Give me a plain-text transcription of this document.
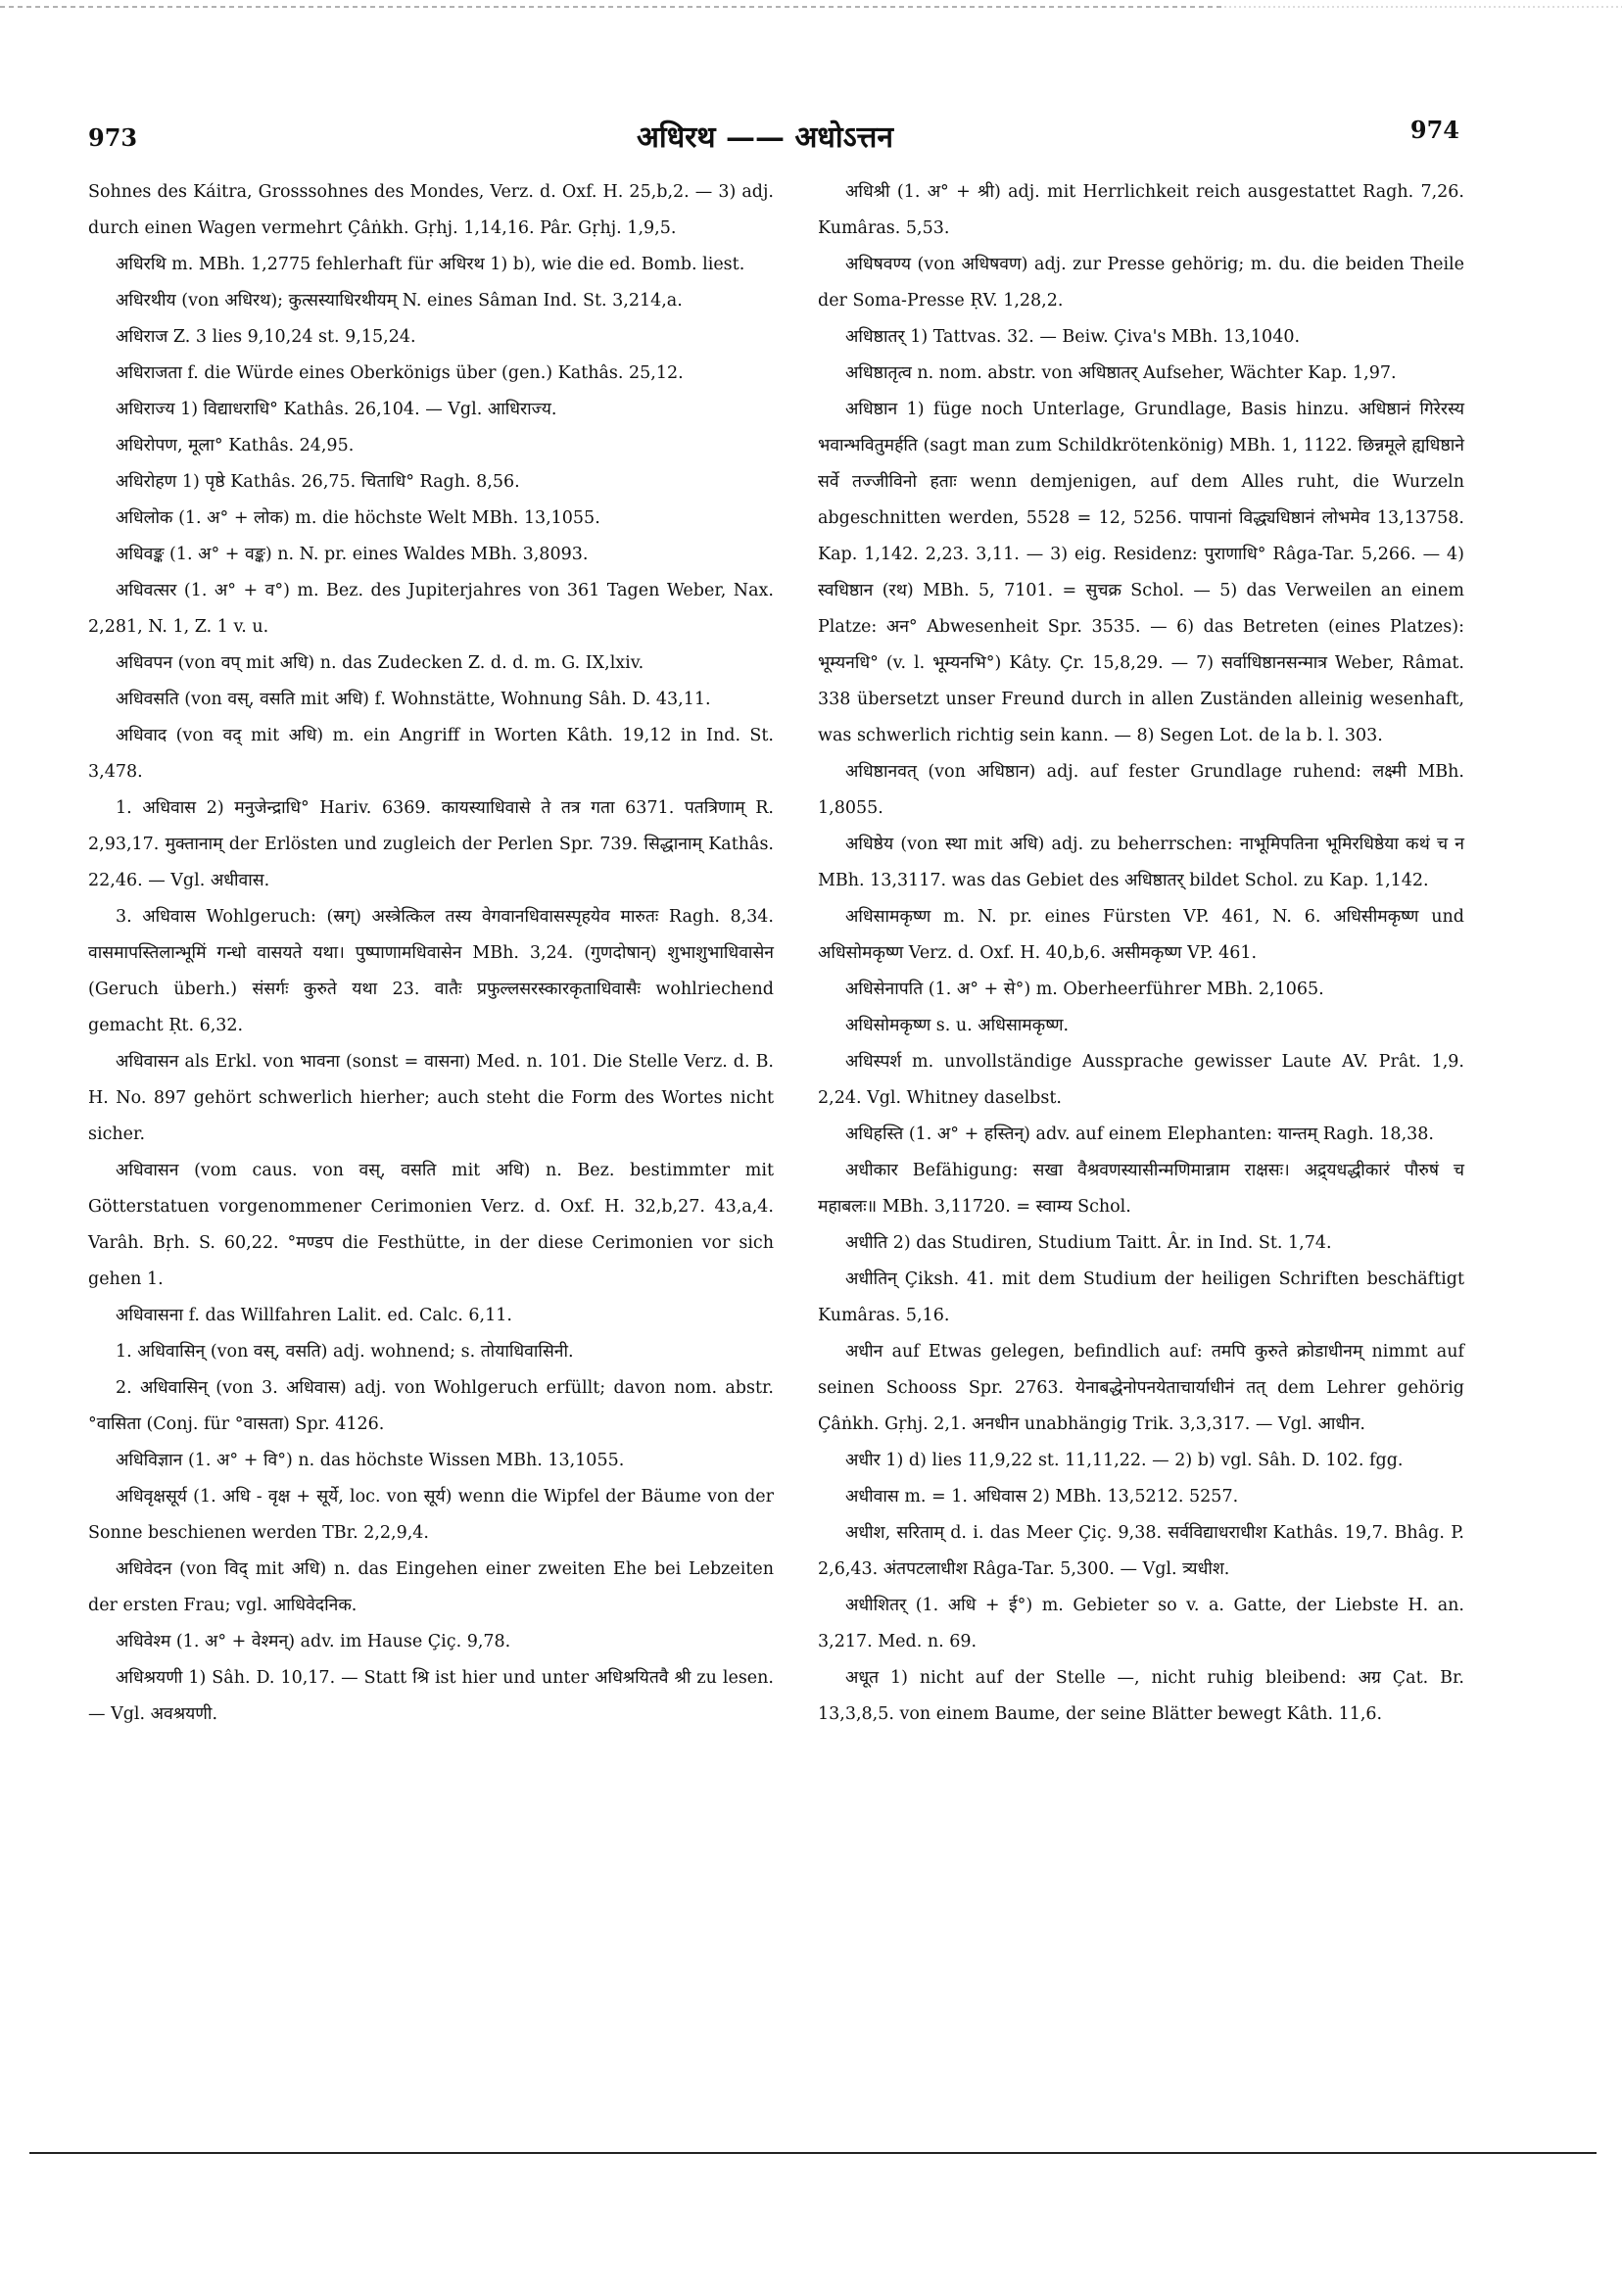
973	अधिरथ —— अधोऽत्तन	974

Sohnes des Káitra, Grosssohnes des Mondes, Verz. d. Oxf. H. 25,b,2. — 3) adj. durch einen Wagen vermehrt Çâṅkh. Gṛhj. 1,14,16. Pâr. Gṛhj. 1,9,5.

अधिरथि m. MBh. 1,2775 fehlerhaft für अधिरथ 1) b), wie die ed. Bomb. liest.

अधिरथीय (von अधिरथ); कुत्सस्याधिरथीयम् N. eines Sâman Ind. St. 3,214,a.

अधिराज Z. 3 lies 9,10,24 st. 9,15,24.

अधिराजता f. die Würde eines Oberkönigs über (gen.) Kathâs. 25,12.

अधिराज्य 1) विद्याधराधि° Kathâs. 26,104. — Vgl. आधिराज्य.

अधिरोपण, मूला° Kathâs. 24,95.

अधिरोहण 1) पृष्ठे Kathâs. 26,75. चिताधि° Ragh. 8,56.

अधिलोक (1. अ° + लोक) m. die höchste Welt MBh. 13,1055.

अधिवङ्क (1. अ° + वङ्क) n. N. pr. eines Waldes MBh. 3,8093.

अधिवत्सर (1. अ° + व°) m. Bez. des Jupiterjahres von 361 Tagen Weber, Nax. 2,281, N. 1, Z. 1 v. u.

अधिवपन (von वप् mit अधि) n. das Zudecken Z. d. d. m. G. IX,lxiv.

अधिवसति (von वस्, वसति mit अधि) f. Wohnstätte, Wohnung Sâh. D. 43,11.

अधिवाद (von वद् mit अधि) m. ein Angriff in Worten Kâth. 19,12 in Ind. St. 3,478.

1. अधिवास 2) मनुजेन्द्राधि° Hariv. 6369. कायस्याधिवासे ते तत्र गता 6371. पतत्रिणाम् R. 2,93,17. मुक्तानाम् der Erlösten und zugleich der Perlen Spr. 739. सिद्धानाम् Kathâs. 22,46. — Vgl. अधीवास.

3. अधिवास Wohlgeruch: (स्रग्) अस्त्रेत्किल तस्य वेगवानधिवासस्पृहयेव मारुतः Ragh. 8,34. वासमापस्तिलान्भूमिं गन्धो वासयते यथा। पुष्पाणामधिवासेन MBh. 3,24. (गुणदोषान्) शुभाशुभाधिवासेन (Geruch überh.) संसर्गः कुरुते यथा 23. वातैः प्रफुल्लसरस्कारकृताधिवासैः wohlriechend gemacht Ṛt. 6,32.

अधिवासन als Erkl. von भावना (sonst = वासना) Med. n. 101. Die Stelle Verz. d. B. H. No. 897 gehört schwerlich hierher; auch steht die Form des Wortes nicht sicher.

अधिवासन (vom caus. von वस्, वसति mit अधि) n. Bez. bestimmter mit Götterstatuen vorgenommener Cerimonien Verz. d. Oxf. H. 32,b,27. 43,a,4. Varâh. Bṛh. S. 60,22. °मण्डप die Festhütte, in der diese Cerimonien vor sich gehen 1.

अधिवासना f. das Willfahren Lalit. ed. Calc. 6,11.

1. अधिवासिन् (von वस्, वसति) adj. wohnend; s. तोयाधिवासिनी.

2. अधिवासिन् (von 3. अधिवास) adj. von Wohlgeruch erfüllt; davon nom. abstr. °वासिता (Conj. für °वासता) Spr. 4126.

अधिविज्ञान (1. अ° + वि°) n. das höchste Wissen MBh. 13,1055.

अधिवृक्षसूर्य (1. अधि - वृक्ष + सूर्ये, loc. von सूर्य) wenn die Wipfel der Bäume von der Sonne beschienen werden TBr. 2,2,9,4.

अधिवेदन (von विद् mit अधि) n. das Eingehen einer zweiten Ehe bei Lebzeiten der ersten Frau; vgl. आधिवेदनिक.

अधिवेश्म (1. अ° + वेश्मन्) adv. im Hause Çiç. 9,78.

अधिश्रयणी 1) Sâh. D. 10,17. — Statt श्रि ist hier und unter अधिश्रयितवै श्री zu lesen. — Vgl. अवश्रयणी.

अधिश्री (1. अ° + श्री) adj. mit Herrlichkeit reich ausgestattet Ragh. 7,26. Kumâras. 5,53.

अधिषवण्य (von अधिषवण) adj. zur Presse gehörig; m. du. die beiden Theile der Soma-Presse ṚV. 1,28,2.

अधिष्ठातर् 1) Tattvas. 32. — Beiw. Çiva's MBh. 13,1040.

अधिष्ठातृत्व n. nom. abstr. von अधिष्ठातर् Aufseher, Wächter Kap. 1,97.

अधिष्ठान 1) füge noch Unterlage, Grundlage, Basis hinzu. अधिष्ठानं गिरेरस्य भवान्भवितुमर्हति (sagt man zum Schildkrötenkönig) MBh. 1, 1122. छिन्नमूले ह्यधिष्ठाने सर्वे तज्जीविनो हताः wenn demjenigen, auf dem Alles ruht, die Wurzeln abgeschnitten werden, 5528 = 12, 5256. पापानां विद्ध्यधिष्ठानं लोभमेव 13,13758. Kap. 1,142. 2,23. 3,11. — 3) eig. Residenz: पुराणाधि° Râga-Tar. 5,266. — 4) स्वधिष्ठान (रथ) MBh. 5, 7101. = सुचक्र Schol. — 5) das Verweilen an einem Platze: अन° Abwesenheit Spr. 3535. — 6) das Betreten (eines Platzes): भूम्यनधि° (v. l. भूम्यनभि°) Kâty. Çr. 15,8,29. — 7) सर्वाधिष्ठानसन्मात्र Weber, Râmat. 338 übersetzt unser Freund durch in allen Zuständen alleinig wesenhaft, was schwerlich richtig sein kann. — 8) Segen Lot. de la b. l. 303.

अधिष्ठानवत् (von अधिष्ठान) adj. auf fester Grundlage ruhend: लक्ष्मी MBh. 1,8055.

अधिष्ठेय (von स्था mit अधि) adj. zu beherrschen: नाभूमिपतिना भूमिरधिष्ठेया कथं च न MBh. 13,3117. was das Gebiet des अधिष्ठातर् bildet Schol. zu Kap. 1,142.

अधिसामकृष्ण m. N. pr. eines Fürsten VP. 461, N. 6. अधिसीमकृष्ण und अधिसोमकृष्ण Verz. d. Oxf. H. 40,b,6. असीमकृष्ण VP. 461.

अधिसेनापति (1. अ° + से°) m. Oberheerführer MBh. 2,1065.

अधिसोमकृष्ण s. u. अधिसामकृष्ण.

अधिस्पर्श m. unvollständige Aussprache gewisser Laute AV. Prât. 1,9. 2,24. Vgl. Whitney daselbst.

अधिहस्ति (1. अ° + हस्तिन्) adv. auf einem Elephanten: यान्तम् Ragh. 18,38.

अधीकार Befähigung: सखा वैश्रवणस्यासीन्मणिमान्नाम राक्षसः। अद्र्यधद्धीकारं पौरुषं च महाबलः॥ MBh. 3,11720. = स्वाम्य Schol.

अधीति 2) das Studiren, Studium Taitt. Âr. in Ind. St. 1,74.

अधीतिन् Çiksh. 41. mit dem Studium der heiligen Schriften beschäftigt Kumâras. 5,16.

अधीन auf Etwas gelegen, befindlich auf: तमपि कुरुते क्रोडाधीनम् nimmt auf seinen Schooss Spr. 2763. येनाबद्धेनोपनयेताचार्याधीनं तत् dem Lehrer gehörig Çâṅkh. Gṛhj. 2,1. अनधीन unabhängig Trik. 3,3,317. — Vgl. आधीन.

अधीर 1) d) lies 11,9,22 st. 11,11,22. — 2) b) vgl. Sâh. D. 102. fgg.

अधीवास m. = 1. अधिवास 2) MBh. 13,5212. 5257.

अधीश, सरिताम् d. i. das Meer Çiç. 9,38. सर्वविद्याधराधीश Kathâs. 19,7. Bhâg. P. 2,6,43. अंतपटलाधीश Râga-Tar. 5,300. — Vgl. त्र्यधीश.

अधीशितर् (1. अधि + ई°) m. Gebieter so v. a. Gatte, der Liebste H. an. 3,217. Med. n. 69.

अधूत 1) nicht auf der Stelle —, nicht ruhig bleibend: अग्र Çat. Br. 13,3,8,5. von einem Baume, der seine Blätter bewegt Kâth. 11,6.
